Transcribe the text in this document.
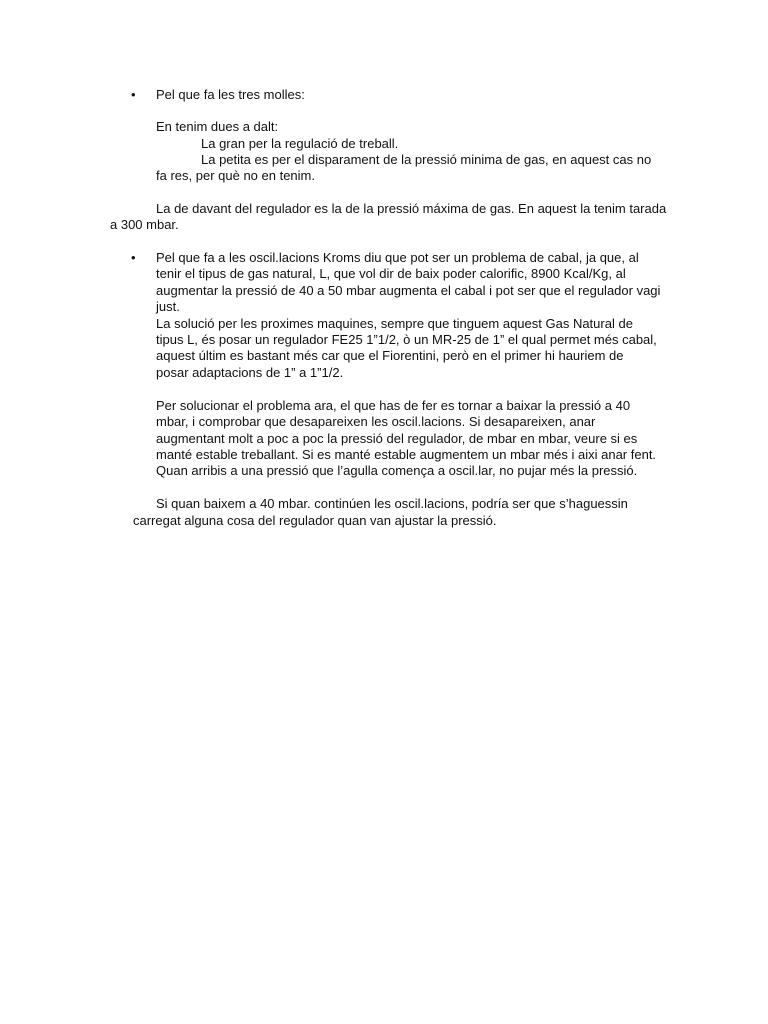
• Pel que fa les tres molles:
En tenim dues a dalt:
La gran per la regulació de treball.
La petita es per el disparament de la pressió minima de gas, en aquest cas no
fa res, per què no en tenim.
La de davant del regulador es la de la pressió máxima de gas. En aquest la tenim tarada
a 300 mbar.
• Pel que fa a les oscil.lacions Kroms diu que pot ser un problema de cabal, ja que, al
tenir el tipus de gas natural, L, que vol dir de baix poder calorific, 8900 Kcal/Kg, al
augmentar la pressió de 40 a 50 mbar augmenta el cabal i pot ser que el regulador vagi
just.
La solució per les proximes maquines, sempre que tinguem aquest Gas Natural de
tipus L, és posar un regulador FE25 1”1/2, ò un MR-25 de 1” el qual permet més cabal,
aquest últim es bastant més car que el Fiorentini, però en el primer hi hauriem de
posar adaptacions de 1” a 1”1/2.
Per solucionar el problema ara, el que has de fer es tornar a baixar la pressió a 40
mbar, i comprobar que desapareixen les oscil.lacions. Si desapareixen, anar
augmentant molt a poc a poc la pressió del regulador, de mbar en mbar, veure si es
manté estable treballant. Si es manté estable augmentem un mbar més i aixi anar fent.
Quan arribis a una pressió que l’agulla comença a oscil.lar, no pujar més la pressió.
Si quan baixem a 40 mbar. continúen les oscil.lacions, podría ser que s’haguessin
carregat alguna cosa del regulador quan van ajustar la pressió.
